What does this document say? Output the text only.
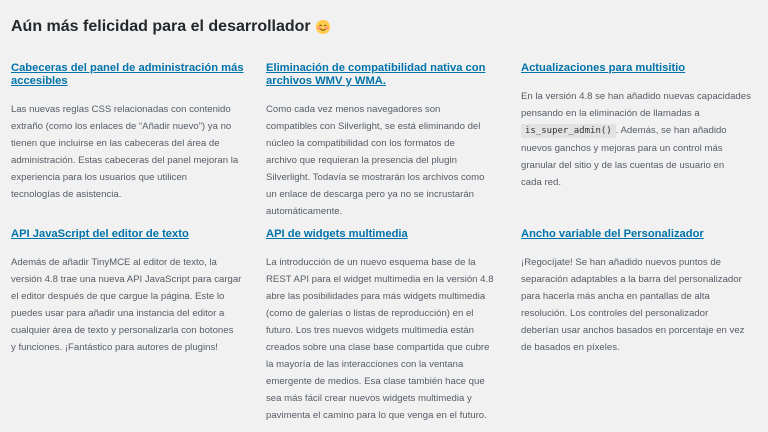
Aún más felicidad para el desarrollador
Cabeceras del panel de administración más
accesibles

Las nuevas reglas CSS relacionadas con contenido
extraño (como los enlaces de “Añadir nuevo”) ya no
tienen que incluirse en las cabeceras del área de
administración. Estas cabeceras del panel mejoran la
experiencia para los usuarios que utilicen
tecnologías de asistencia.

Eliminación de compatibilidad nativa con
archivos WMV y WMA.

Como cada vez menos navegadores son
compatibles con Silverlight, se está eliminando del
núcleo la compatibilidad con los formatos de
archivo que requieran la presencia del plugin
Silverlight. Todavía se mostrarán los archivos como
un enlace de descarga pero ya no se incrustarán
automáticamente.

Actualizaciones para multisitio

En la versión 4.8 se han añadido nuevas capacidades
pensando en la eliminación de llamadas a
is_super_admin() . Además, se han añadido
nuevos ganchos y mejoras para un control más
granular del sitio y de las cuentas de usuario en
cada red.

API JavaScript del editor de texto

Además de añadir TinyMCE al editor de texto, la
versión 4.8 trae una nueva API JavaScript para cargar
el editor después de que cargue la página. Este lo
puedes usar para añadir una instancia del editor a
cualquier área de texto y personalizarla con botones
y funciones. ¡Fantástico para autores de plugins!

API de widgets multimedia

La introducción de un nuevo esquema base de la
REST API para el widget multimedia en la versión 4.8
abre las posibilidades para más widgets multimedia
(como de galerías o listas de reproducción) en el
futuro. Los tres nuevos widgets multimedia están
creados sobre una clase base compartida que cubre
la mayoría de las interacciones con la ventana
emergente de medios. Esa clase también hace que
sea más fácil crear nuevos widgets multimedia y
pavimenta el camino para lo que venga en el futuro.

Ancho variable del Personalizador

¡Regocíjate! Se han añadido nuevos puntos de
separación adaptables a la barra del personalizador
para hacerla más ancha en pantallas de alta
resolución. Los controles del personalizador
deberían usar anchos basados en porcentaje en vez
de basados en píxeles.
